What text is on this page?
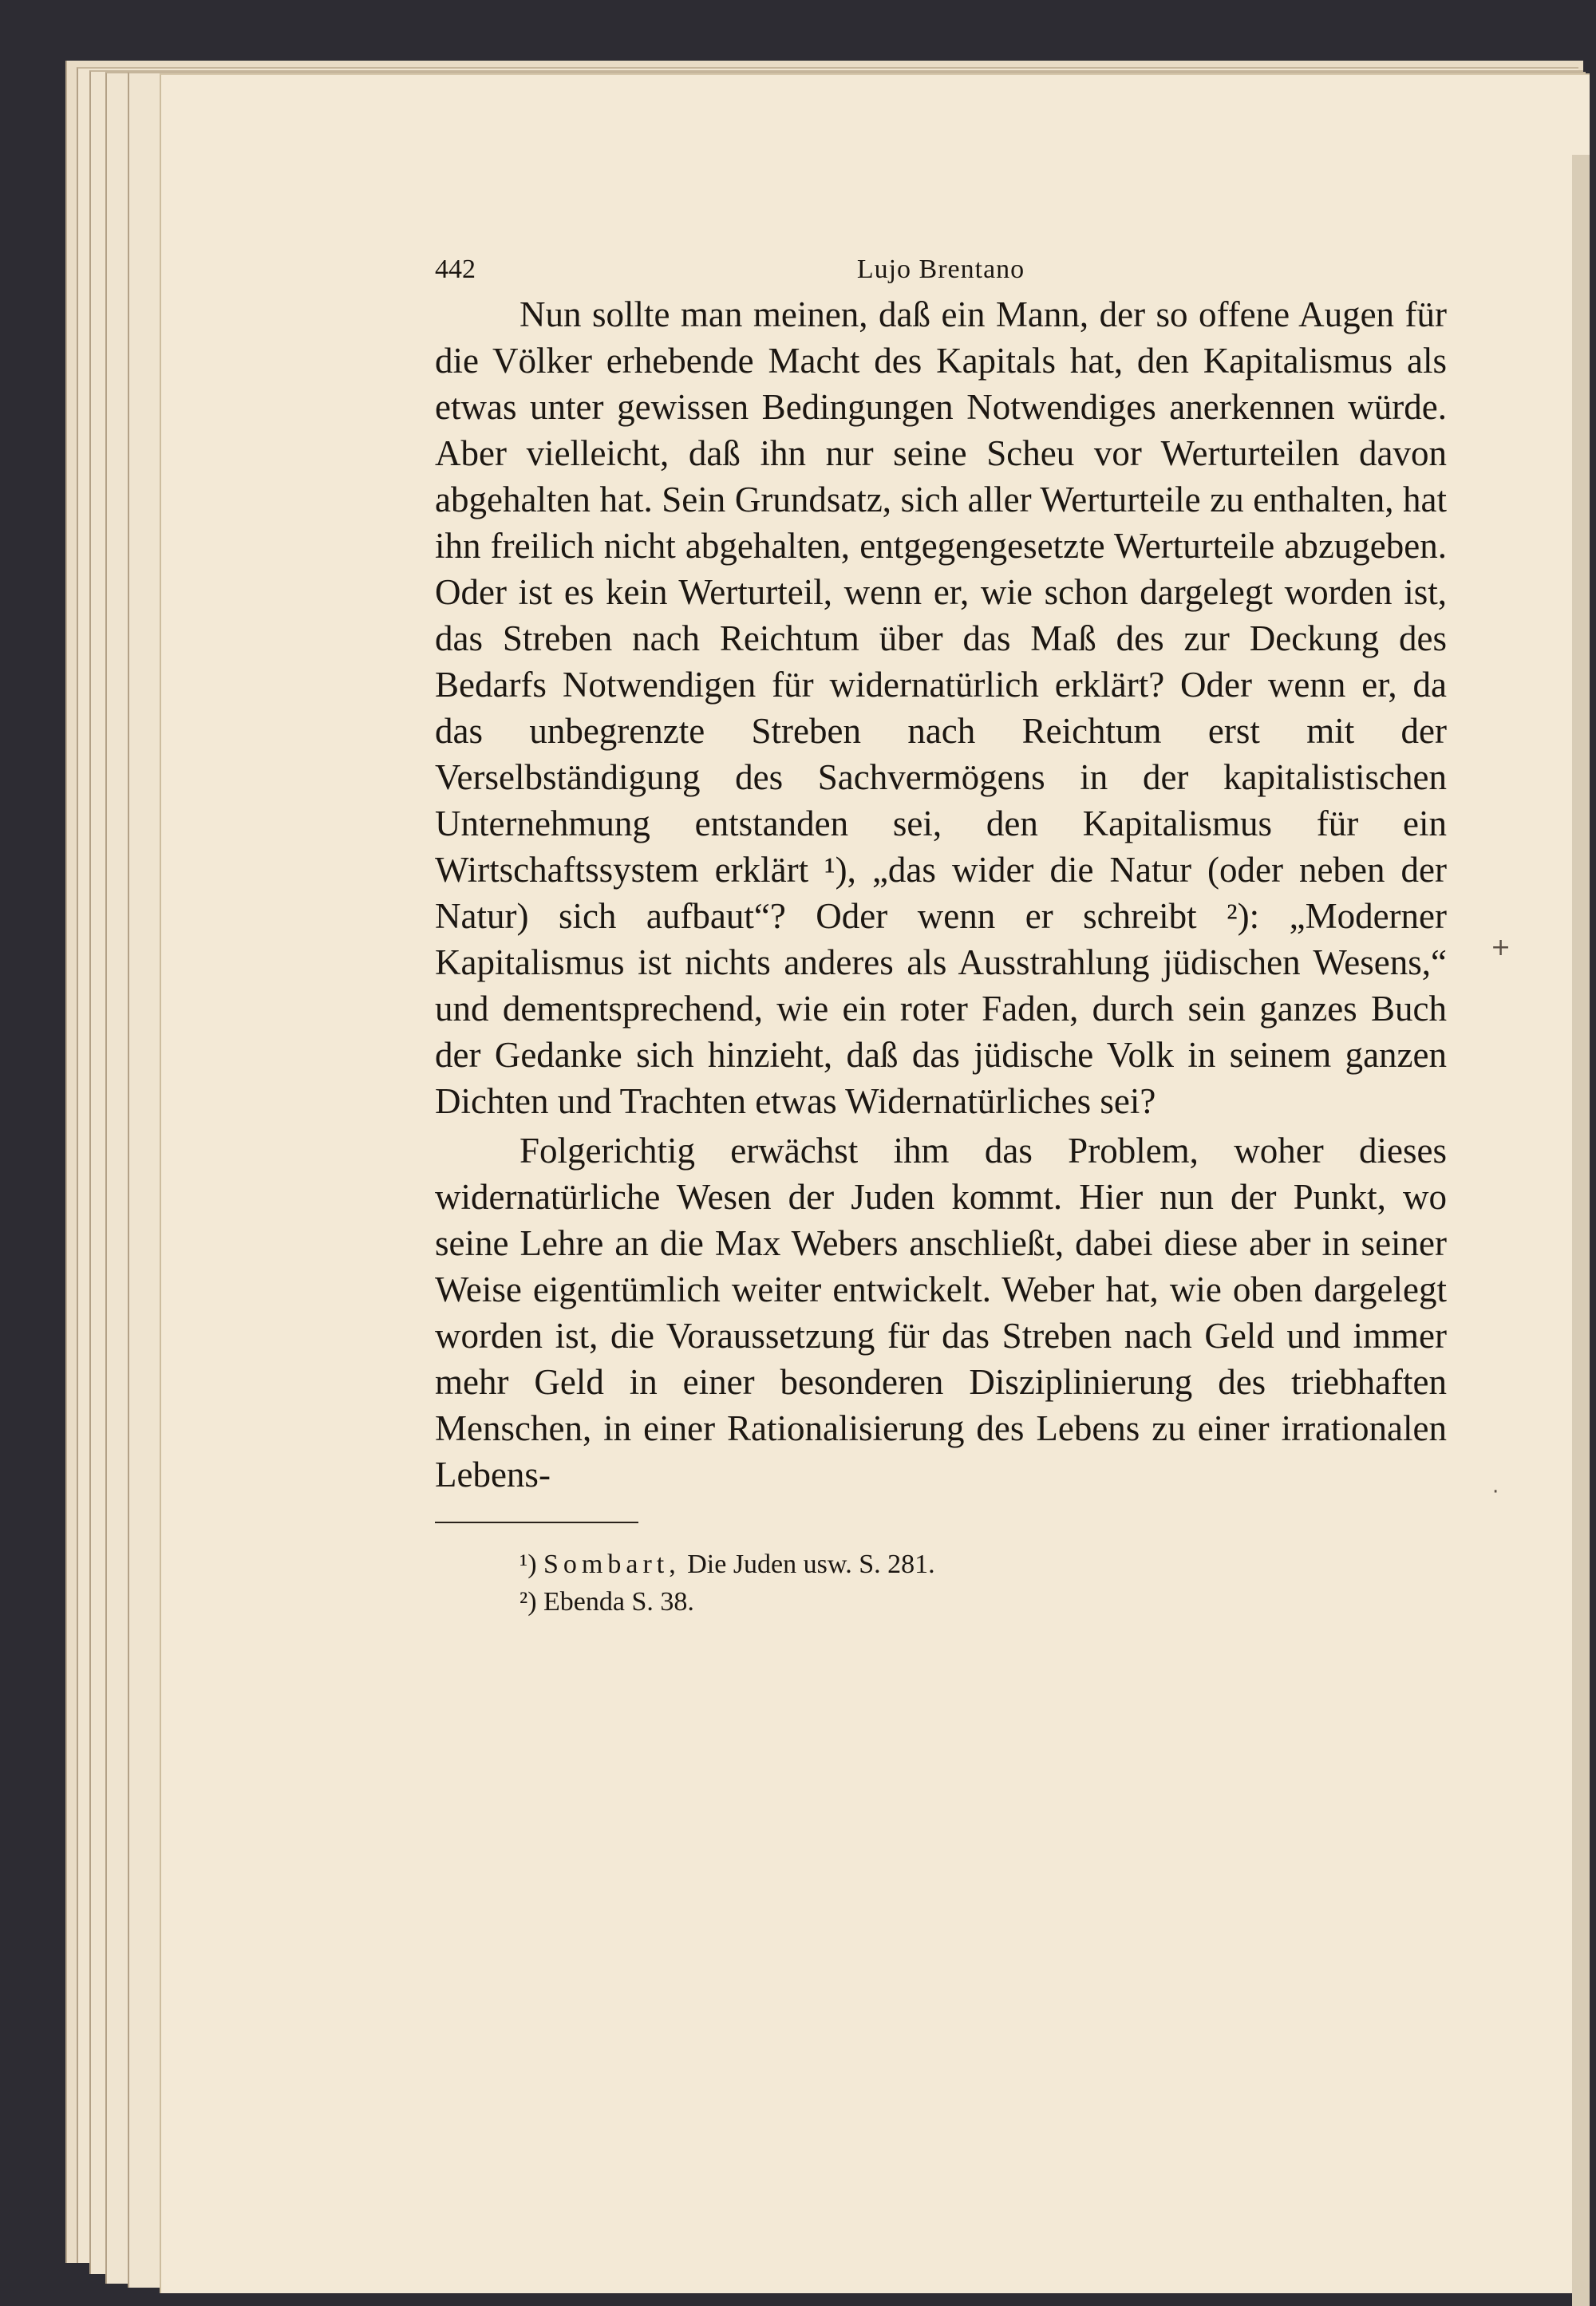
442	Lujo Brentano

Nun sollte man meinen, daß ein Mann, der so offene Augen für die Völker erhebende Macht des Kapitals hat, den Kapitalismus als etwas unter gewissen Bedingungen Notwendiges anerkennen würde. Aber vielleicht, daß ihn nur seine Scheu vor Werturteilen davon abgehalten hat. Sein Grundsatz, sich aller Werturteile zu enthalten, hat ihn freilich nicht abgehalten, entgegengesetzte Werturteile abzugeben. Oder ist es kein Werturteil, wenn er, wie schon dargelegt worden ist, das Streben nach Reichtum über das Maß des zur Deckung des Bedarfs Notwendigen für widernatürlich erklärt? Oder wenn er, da das unbegrenzte Streben nach Reichtum erst mit der Verselbständigung des Sachvermögens in der kapitalistischen Unternehmung entstanden sei, den Kapitalismus für ein Wirtschaftssystem erklärt ¹), „das wider die Natur (oder neben der Natur) sich aufbaut“? Oder wenn er schreibt ²): „Moderner Kapitalismus ist nichts anderes als Ausstrahlung jüdischen Wesens,“ und dementsprechend, wie ein roter Faden, durch sein ganzes Buch der Gedanke sich hinzieht, daß das jüdische Volk in seinem ganzen Dichten und Trachten etwas Widernatürliches sei?

Folgerichtig erwächst ihm das Problem, woher dieses widernatürliche Wesen der Juden kommt. Hier nun der Punkt, wo seine Lehre an die Max Webers anschließt, dabei diese aber in seiner Weise eigentümlich weiter entwickelt. Weber hat, wie oben dargelegt worden ist, die Voraussetzung für das Streben nach Geld und immer mehr Geld in einer besonderen Disziplinierung des triebhaften Menschen, in einer Rationalisierung des Lebens zu einer irrationalen Lebens-

¹) Sombart, Die Juden usw. S. 281.
²) Ebenda S. 38.
+
·
